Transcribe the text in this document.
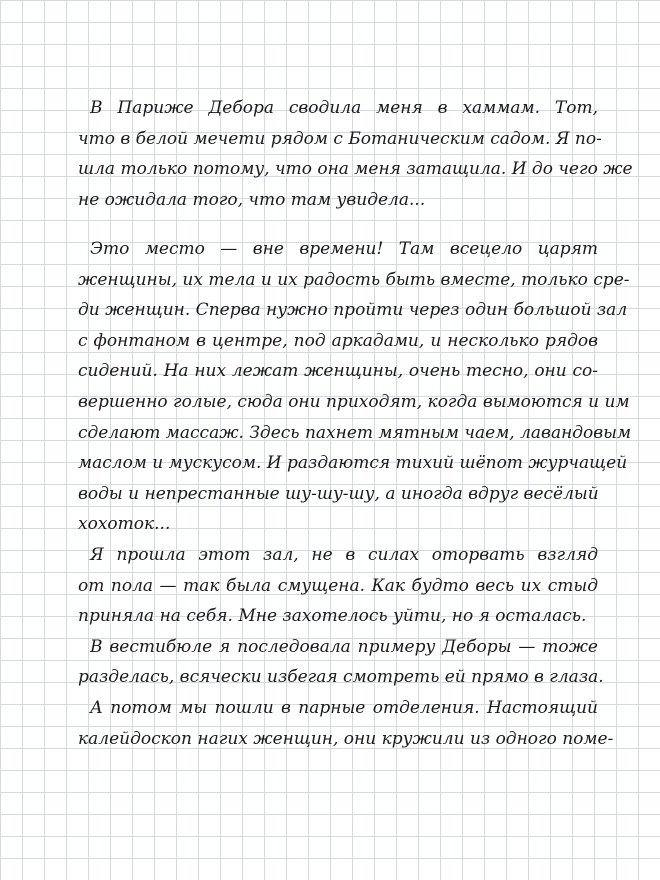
В Париже Дебора сводила меня в хаммам. Тот,
что в белой мечети рядом с Ботаническим садом. Я по-
шла только потому, что она меня затащила. И до чего же
не ожидала того, что там увидела...
Это место — вне времени! Там всецело царят
женщины, их тела и их радость быть вместе, только сре-
ди женщин. Сперва нужно пройти через один большой зал
с фонтаном в центре, под аркадами, и несколько рядов
сидений. На них лежат женщины, очень тесно, они со-
вершенно голые, сюда они приходят, когда вымоются и им
сделают массаж. Здесь пахнет мятным чаем, лавандовым
маслом и мускусом. И раздаются тихий шёпот журчащей
воды и непрестанные шу-шу-шу, а иногда вдруг весёлый
хохоток...
Я прошла этот зал, не в силах оторвать взгляд
от пола — так была смущена. Как будто весь их стыд
приняла на себя. Мне захотелось уйти, но я осталась.
В вестибюле я последовала примеру Деборы — тоже
разделась, всячески избегая смотреть ей прямо в глаза.
А потом мы пошли в парные отделения. Настоящий
калейдоскоп нагих женщин, они кружили из одного поме-
